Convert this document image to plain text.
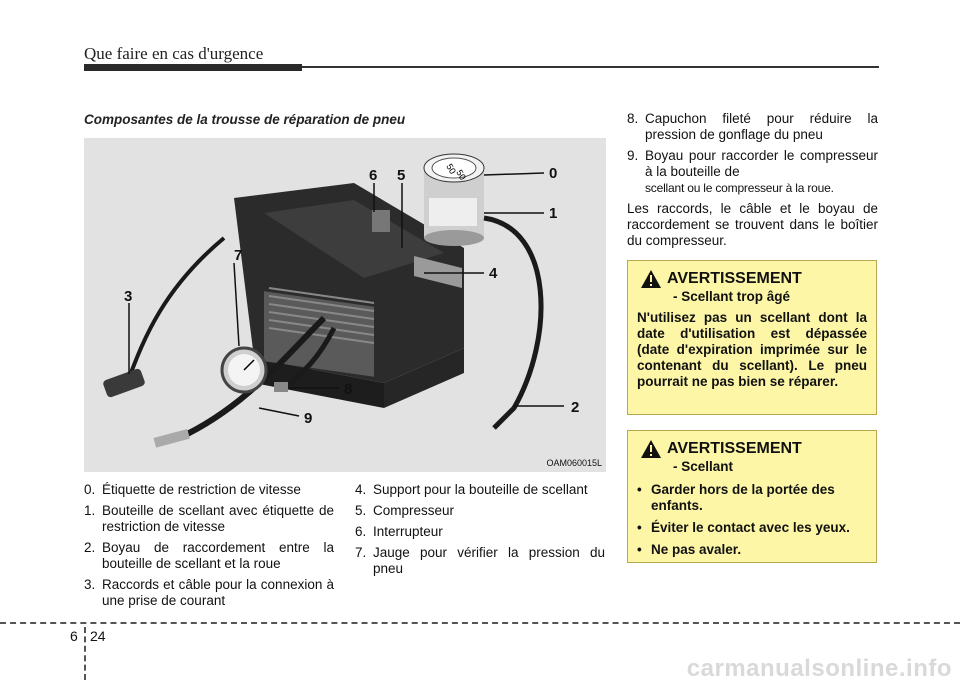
Que faire en cas d'urgence
Composantes de la trousse de réparation de pneu
50
50	0
1
2
3
4
5
6
7
8
9
OAM060015L
0. Étiquette de restriction de vitesse
1. Bouteille de scellant avec étiquette de restriction de vitesse
2. Boyau de raccordement entre la bouteille de scellant et la roue
3. Raccords et câble pour la connexion à une prise de courant
4. Support pour la bouteille de scellant
5. Compresseur
6. Interrupteur
7. Jauge pour vérifier la pression du pneu
8. Capuchon fileté pour réduire la pression de gonflage du pneu
9. Boyau pour raccorder le compresseur à la bouteille de
scellant ou le compresseur à la roue.
Les raccords, le câble et le boyau de raccordement se trouvent dans le boîtier du compresseur.
AVERTISSEMENT
- Scellant trop âgé
N'utilisez pas un scellant dont la date d'utilisation est dépassée (date d'expiration imprimée sur le contenant du scellant). Le pneu pourrait ne pas bien se réparer.
AVERTISSEMENT
- Scellant
• Garder hors de la portée des enfants.
• Éviter le contact avec les yeux.
• Ne pas avaler.
6 24
carmanualsonline.info
